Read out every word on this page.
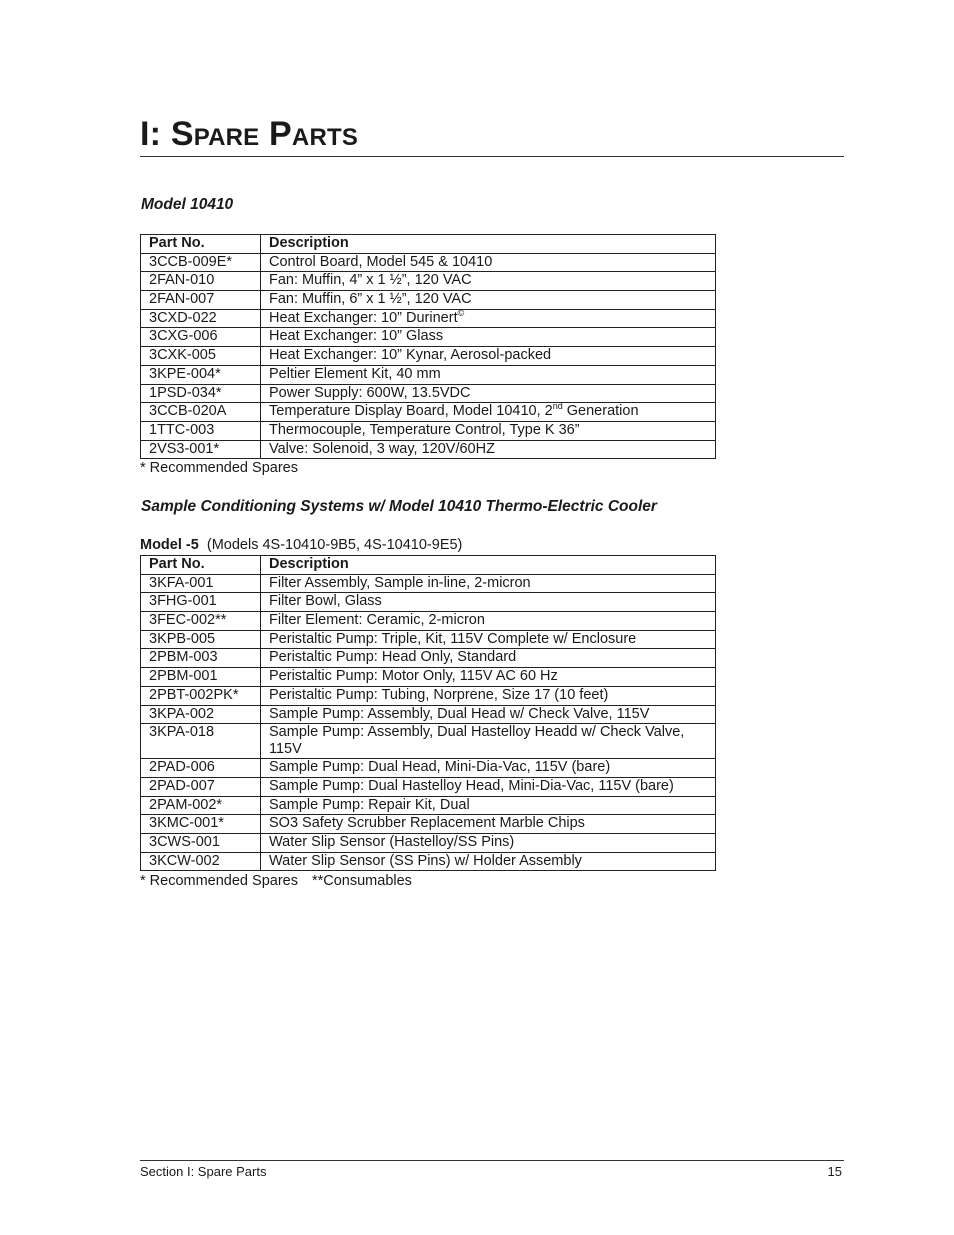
I: Spare Parts
Model 10410
Part No.	Description
3CCB-009E*	Control Board, Model 545 & 10410
2FAN-010	Fan: Muffin, 4” x 1 ½”, 120 VAC
2FAN-007	Fan: Muffin, 6” x 1 ½”, 120 VAC
3CXD-022	Heat Exchanger: 10” Durinert©
3CXG-006	Heat Exchanger: 10” Glass
3CXK-005	Heat Exchanger: 10” Kynar, Aerosol-packed
3KPE-004*	Peltier Element Kit, 40 mm
1PSD-034*	Power Supply: 600W, 13.5VDC
3CCB-020A	Temperature Display Board, Model 10410, 2nd Generation
1TTC-003	Thermocouple, Temperature Control, Type K 36”
2VS3-001*	Valve: Solenoid, 3 way, 120V/60HZ
* Recommended Spares
Sample Conditioning Systems w/ Model 10410 Thermo-Electric Cooler
Model -5 (Models 4S-10410-9B5, 4S-10410-9E5)
Part No.	Description
3KFA-001	Filter Assembly, Sample in-line, 2-micron
3FHG-001	Filter Bowl, Glass
3FEC-002**	Filter Element: Ceramic, 2-micron
3KPB-005	Peristaltic Pump: Triple, Kit, 115V Complete w/ Enclosure
2PBM-003	Peristaltic Pump: Head Only, Standard
2PBM-001	Peristaltic Pump: Motor Only, 115V AC 60 Hz
2PBT-002PK*	Peristaltic Pump: Tubing, Norprene, Size 17 (10 feet)
3KPA-002	Sample Pump: Assembly, Dual Head w/ Check Valve, 115V
3KPA-018	Sample Pump: Assembly, Dual Hastelloy Headd w/ Check Valve, 115V
2PAD-006	Sample Pump: Dual Head, Mini-Dia-Vac, 115V (bare)
2PAD-007	Sample Pump: Dual Hastelloy Head, Mini-Dia-Vac, 115V (bare)
2PAM-002*	Sample Pump: Repair Kit, Dual
3KMC-001*	SO3 Safety Scrubber Replacement Marble Chips
3CWS-001	Water Slip Sensor (Hastelloy/SS Pins)
3KCW-002	Water Slip Sensor (SS Pins) w/ Holder Assembly
* Recommended Spares **Consumables
Section I: Spare Parts	15
